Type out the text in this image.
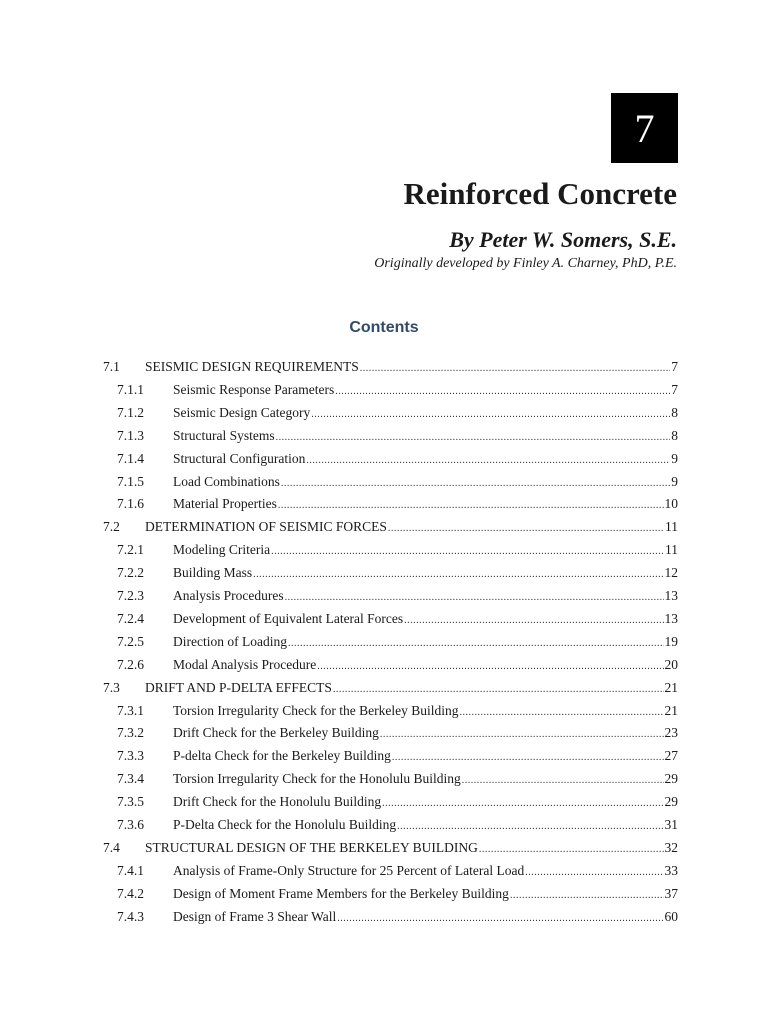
7
Reinforced Concrete
By Peter W. Somers, S.E.
Originally developed by Finley A. Charney, PhD, P.E.
Contents
7.1 SEISMIC DESIGN REQUIREMENTS .....	7
7.1.1 Seismic Response Parameters .....	7
7.1.2 Seismic Design Category .....	8
7.1.3 Structural Systems .....	8
7.1.4 Structural Configuration .....	9
7.1.5 Load Combinations .....	9
7.1.6 Material Properties .....	10
7.2 DETERMINATION OF SEISMIC FORCES .....	11
7.2.1 Modeling Criteria .....	11
7.2.2 Building Mass .....	12
7.2.3 Analysis Procedures .....	13
7.2.4 Development of Equivalent Lateral Forces .....	13
7.2.5 Direction of Loading .....	19
7.2.6 Modal Analysis Procedure .....	20
7.3 DRIFT AND P-DELTA EFFECTS .....	21
7.3.1 Torsion Irregularity Check for the Berkeley Building .....	21
7.3.2 Drift Check for the Berkeley Building .....	23
7.3.3 P-delta Check for the Berkeley Building .....	27
7.3.4 Torsion Irregularity Check for the Honolulu Building .....	29
7.3.5 Drift Check for the Honolulu Building .....	29
7.3.6 P-Delta Check for the Honolulu Building .....	31
7.4 STRUCTURAL DESIGN OF THE BERKELEY BUILDING .....	32
7.4.1 Analysis of Frame-Only Structure for 25 Percent of Lateral Load .....	33
7.4.2 Design of Moment Frame Members for the Berkeley Building .....	37
7.4.3 Design of Frame 3 Shear Wall .....	60
